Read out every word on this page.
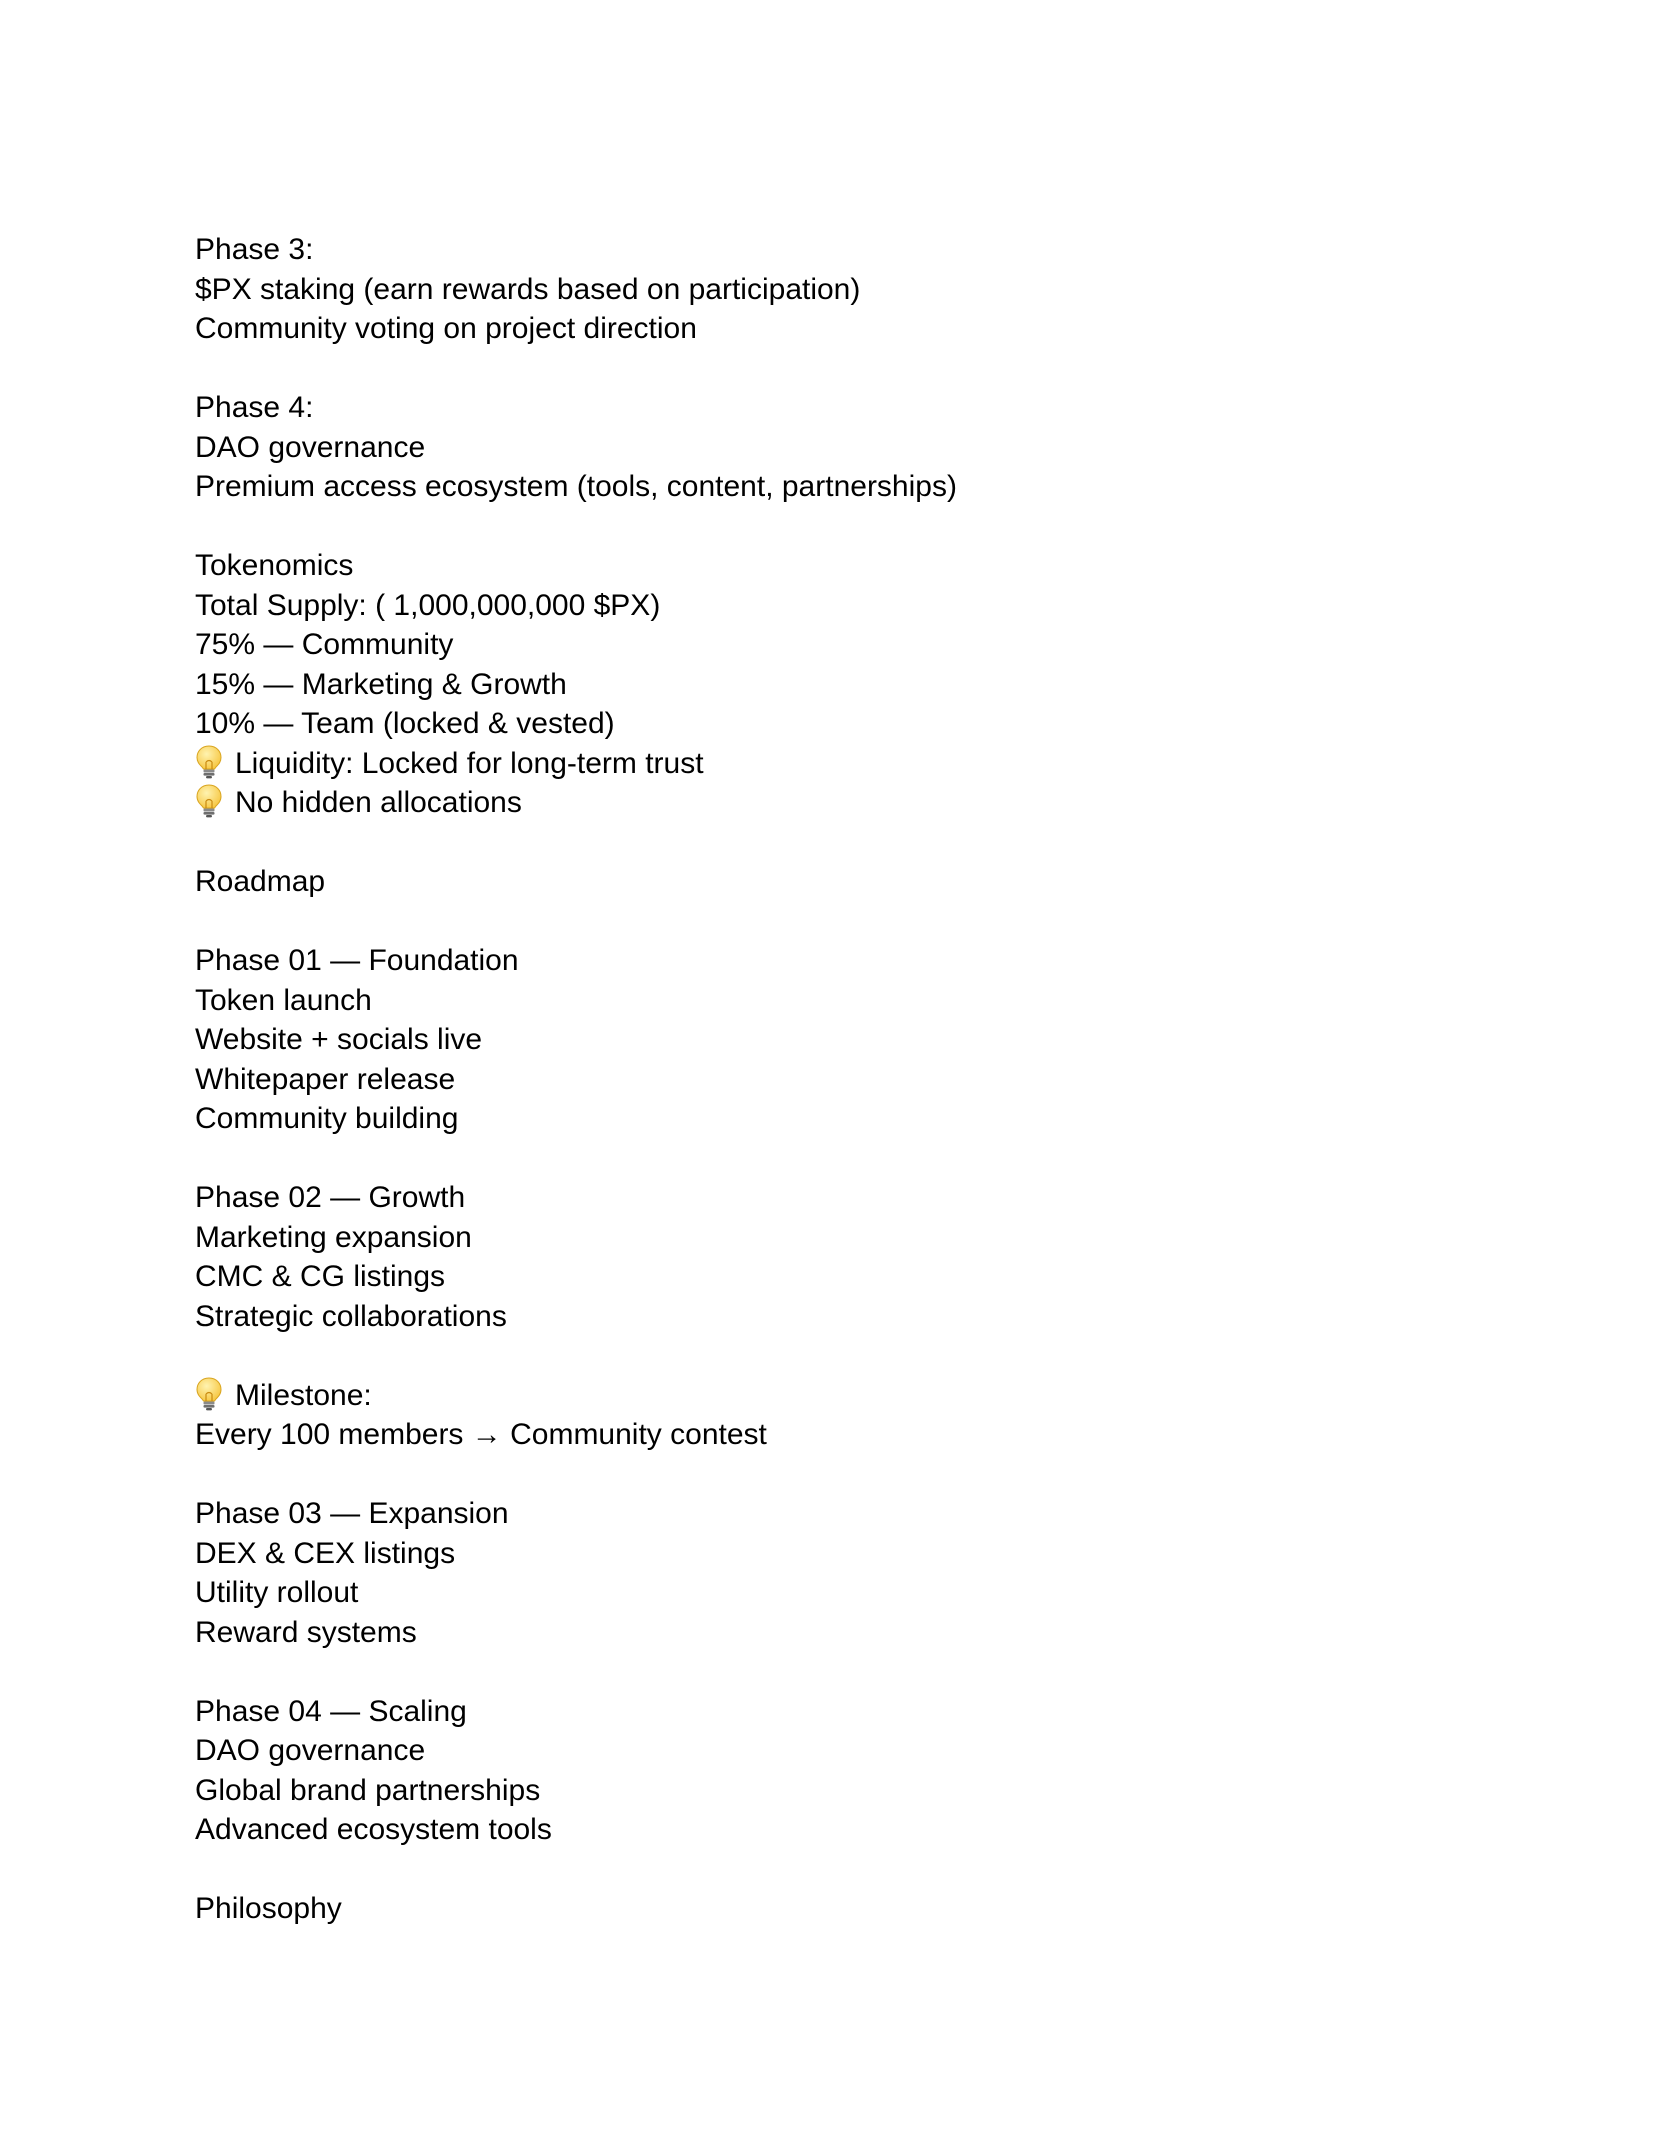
Phase 3:
$PX staking (earn rewards based on participation)
Community voting on project direction
Phase 4:
DAO governance
Premium access ecosystem (tools, content, partnerships)
Tokenomics
Total Supply: ( 1,000,000,000 $PX)
75% — Community
15% — Marketing & Growth
10% — Team (locked & vested)
Liquidity: Locked for long-term trust
No hidden allocations
Roadmap
Phase 01 — Foundation
Token launch
Website + socials live
Whitepaper release
Community building
Phase 02 — Growth
Marketing expansion
CMC & CG listings
Strategic collaborations
Milestone:
Every 100 members → Community contest
Phase 03 — Expansion
DEX & CEX listings
Utility rollout
Reward systems
Phase 04 — Scaling
DAO governance
Global brand partnerships
Advanced ecosystem tools
Philosophy
